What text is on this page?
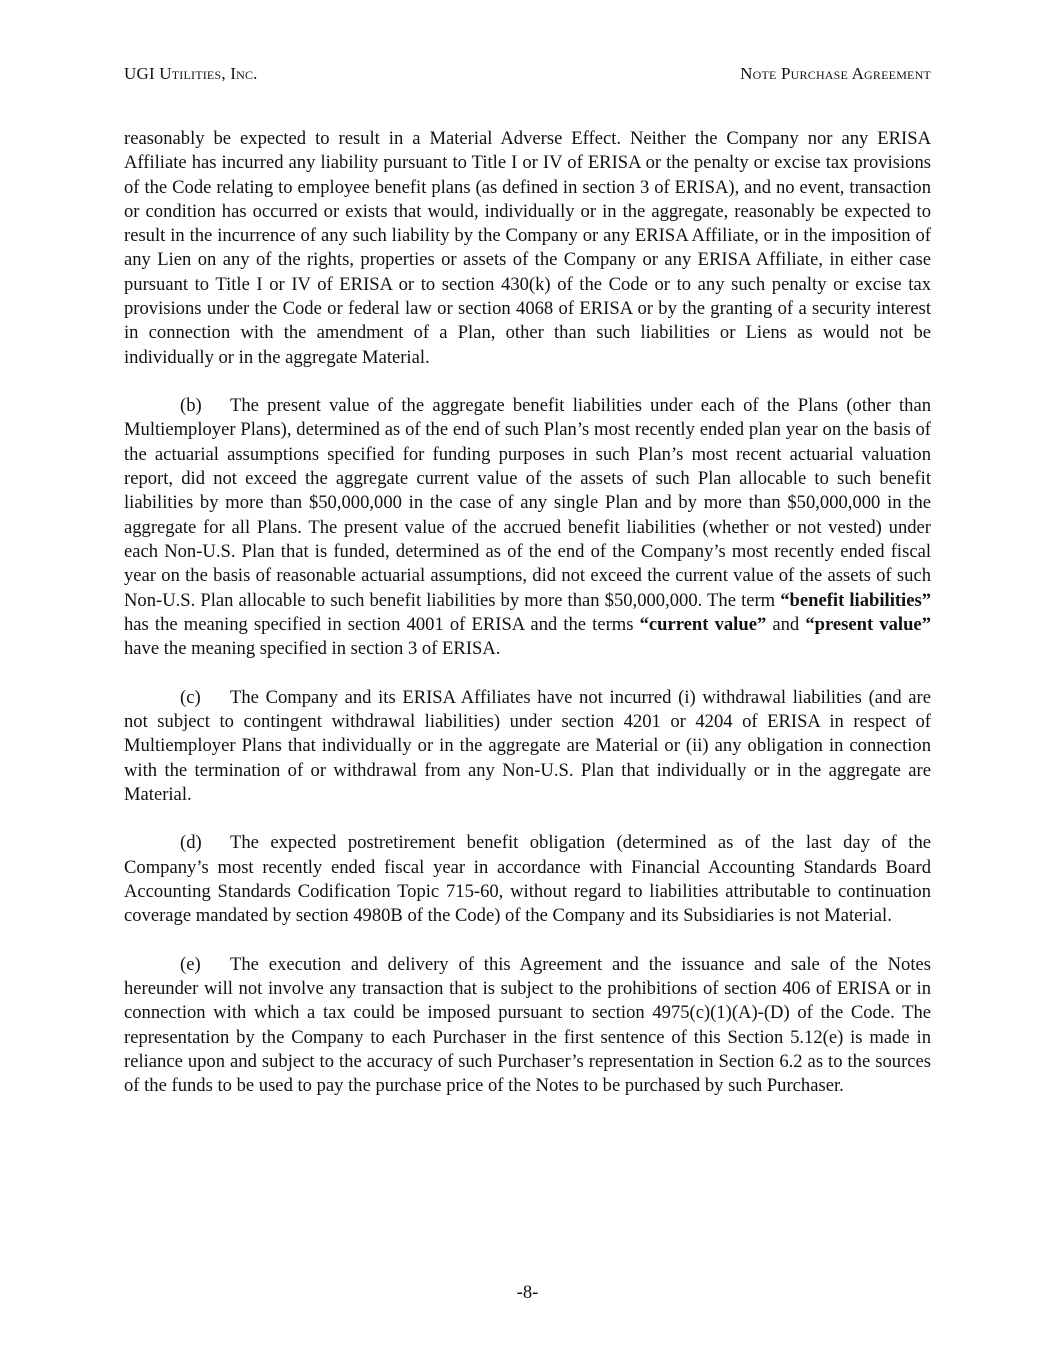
UGI Utilities, Inc.	Note Purchase Agreement

reasonably be expected to result in a Material Adverse Effect. Neither the Company nor any ERISA Affiliate has incurred any liability pursuant to Title I or IV of ERISA or the penalty or excise tax provisions of the Code relating to employee benefit plans (as defined in section 3 of ERISA), and no event, transaction or condition has occurred or exists that would, individually or in the aggregate, reasonably be expected to result in the incurrence of any such liability by the Company or any ERISA Affiliate, or in the imposition of any Lien on any of the rights, properties or assets of the Company or any ERISA Affiliate, in either case pursuant to Title I or IV of ERISA or to section 430(k) of the Code or to any such penalty or excise tax provisions under the Code or federal law or section 4068 of ERISA or by the granting of a security interest in connection with the amendment of a Plan, other than such liabilities or Liens as would not be individually or in the aggregate Material.

(b) The present value of the aggregate benefit liabilities under each of the Plans (other than Multiemployer Plans), determined as of the end of such Plan’s most recently ended plan year on the basis of the actuarial assumptions specified for funding purposes in such Plan’s most recent actuarial valuation report, did not exceed the aggregate current value of the assets of such Plan allocable to such benefit liabilities by more than $50,000,000 in the case of any single Plan and by more than $50,000,000 in the aggregate for all Plans. The present value of the accrued benefit liabilities (whether or not vested) under each Non-U.S. Plan that is funded, determined as of the end of the Company’s most recently ended fiscal year on the basis of reasonable actuarial assumptions, did not exceed the current value of the assets of such Non-U.S. Plan allocable to such benefit liabilities by more than $50,000,000. The term “benefit liabilities” has the meaning specified in section 4001 of ERISA and the terms “current value” and “present value” have the meaning specified in section 3 of ERISA.

(c) The Company and its ERISA Affiliates have not incurred (i) withdrawal liabilities (and are not subject to contingent withdrawal liabilities) under section 4201 or 4204 of ERISA in respect of Multiemployer Plans that individually or in the aggregate are Material or (ii) any obligation in connection with the termination of or withdrawal from any Non-U.S. Plan that individually or in the aggregate are Material.

(d) The expected postretirement benefit obligation (determined as of the last day of the Company’s most recently ended fiscal year in accordance with Financial Accounting Standards Board Accounting Standards Codification Topic 715-60, without regard to liabilities attributable to continuation coverage mandated by section 4980B of the Code) of the Company and its Subsidiaries is not Material.

(e) The execution and delivery of this Agreement and the issuance and sale of the Notes hereunder will not involve any transaction that is subject to the prohibitions of section 406 of ERISA or in connection with which a tax could be imposed pursuant to section 4975(c)(1)(A)-(D) of the Code. The representation by the Company to each Purchaser in the first sentence of this Section 5.12(e) is made in reliance upon and subject to the accuracy of such Purchaser’s representation in Section 6.2 as to the sources of the funds to be used to pay the purchase price of the Notes to be purchased by such Purchaser.

-8-
